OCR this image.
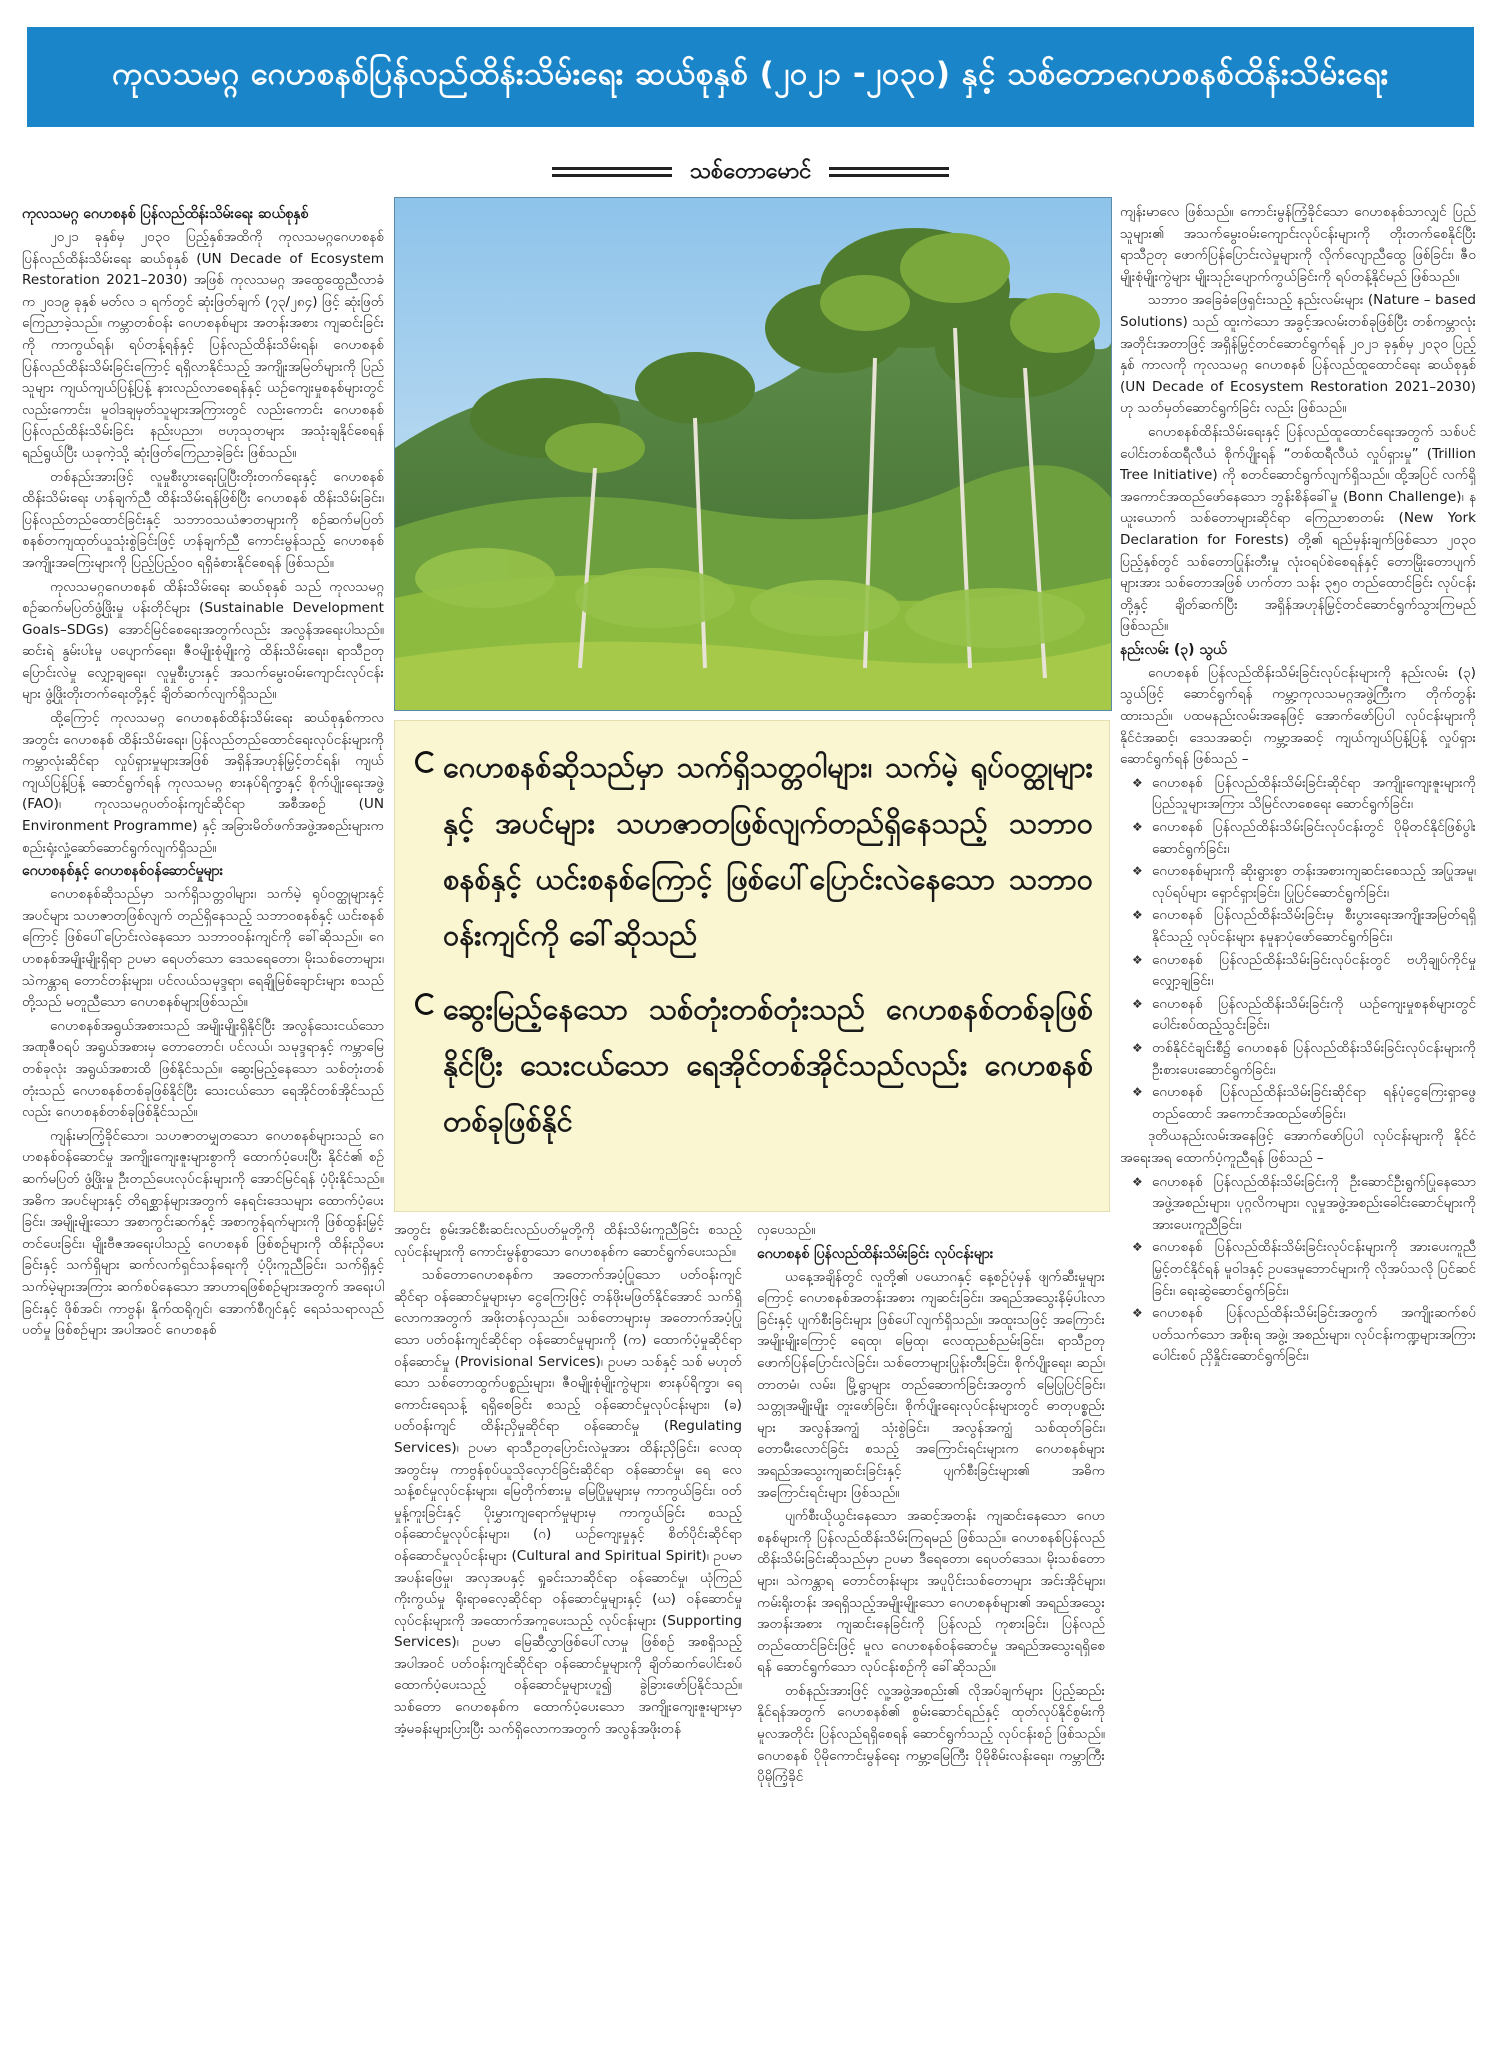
ကုလသမဂ္ဂ ဂေဟစနစ်ပြန်လည်ထိန်းသိမ်းရေး ဆယ်စုနှစ် (၂၀၂၁ -၂၀၃၀) နှင့် သစ်တောဂေဟစနစ်ထိန်းသိမ်းရေး
သစ်တောမောင်
ကုလသမဂ္ဂ ဂေဟစနစ် ပြန်လည်ထိန်းသိမ်းရေး ဆယ်စုနှစ်

၂၀၂၁ ခုနှစ်မှ ၂၀၃၀ ပြည့်နှစ်အထိကို ကုလသမဂ္ဂဂေဟစနစ် ပြန်လည်ထိန်းသိမ်းရေး ဆယ်စုနှစ် (UN Decade of Ecosystem Restoration 2021–2030) အဖြစ် ကုလသမဂ္ဂ အထွေထွေညီလာခံက ၂၀၁၉ ခုနှစ် မတ်လ ၁ ရက်တွင် ဆုံးဖြတ်ချက် (၇၃/၂၈၄) ဖြင့် ဆုံးဖြတ် ကြေညာခဲ့သည်။ ကမ္ဘာတစ်ဝန်း ဂေဟစနစ်များ အတန်းအစား ကျဆင်းခြင်းကို ကာကွယ်ရန်၊ ရပ်တန့်ရန်နှင့် ပြန်လည်ထိန်းသိမ်းရန်၊ ဂေဟစနစ် ပြန်လည်ထိန်းသိမ်းခြင်းကြောင့် ရရှိလာနိုင်သည့် အကျိုးအမြတ်များကို ပြည်သူများ ကျယ်ကျယ်ပြန့်ပြန့် နားလည်လာစေရန်နှင့် ယဉ်ကျေးမှုစနစ်များတွင် လည်းကောင်း၊ မူဝါဒချမှတ်သူများအကြားတွင် လည်းကောင်း ဂေဟစနစ် ပြန်လည်ထိန်းသိမ်းခြင်း နည်းပညာ၊ ဗဟုသုတများ အသုံးချနိုင်စေရန် ရည်ရွယ်ပြီး ယခုကဲ့သို့ ဆုံးဖြတ်ကြေညာခဲ့ခြင်း ဖြစ်သည်။

တစ်နည်းအားဖြင့် လူမှုစီးပွားရေးပြုပြီးတိုးတက်ရေးနှင့် ဂေဟစနစ် ထိန်းသိမ်းရေး ဟန်ချက်ညီ ထိန်းသိမ်းရန်ဖြစ်ပြီး ဂေဟစနစ် ထိန်းသိမ်းခြင်း၊ ပြန်လည်တည်ထောင်ခြင်းနှင့် သဘာဝသယံဇာတများကို စဉ်ဆက်မပြတ် စနစ်တကျထုတ်ယူသုံးစွဲခြင်းဖြင့် ဟန်ချက်ညီ ကောင်းမွန်သည့် ဂေဟစနစ် အကျိုးအကြေးများကို ပြည့်ပြည့်ဝဝ ရရှိခံစားနိုင်စေရန် ဖြစ်သည်။

ကုလသမဂ္ဂဂေဟစနစ် ထိန်းသိမ်းရေး ဆယ်စုနှစ် သည် ကုလသမဂ္ဂ စဉ်ဆက်မပြတ်ဖွံ့ဖြိုးမှု ပန်းတိုင်များ (Sustainable Development Goals–SDGs) အောင်မြင်စေရေးအတွက်လည်း အလွန်အရေးပါသည်။ ဆင်းရဲ နွမ်းပါးမှု ပပျောက်ရေး၊ ဇီဝမျိုးစုံမျိုးကွဲ ထိန်းသိမ်းရေး၊ ရာသီဥတုပြောင်းလဲမှု လျှော့ချရေး၊ လူမှုစီးပွားနှင့် အသက်မွေးဝမ်းကျောင်းလုပ်ငန်းများ ဖွံ့ဖြိုးတိုးတက်ရေးတို့နှင့် ချိတ်ဆက်လျက်ရှိသည်။

ထို့ကြောင့် ကုလသမဂ္ဂ ဂေဟစနစ်ထိန်းသိမ်းရေး ဆယ်စုနှစ်ကာလအတွင်း ဂေဟစနစ် ထိန်းသိမ်းရေး၊ ပြန်လည်တည်ထောင်ရေးလုပ်ငန်းများကို ကမ္ဘာလုံးဆိုင်ရာ လှုပ်ရှားမှုများအဖြစ် အရှိန်အဟုန်မြှင့်တင်ရန်၊ ကျယ်ကျယ်ပြန့်ပြန့် ဆောင်ရွက်ရန် ကုလသမဂ္ဂ စားနပ်ရိက္ခာနှင့် စိုက်ပျိုးရေးအဖွဲ့ (FAO)၊ ကုလသမဂ္ဂပတ်ဝန်းကျင်ဆိုင်ရာ အစီအစဉ် (UN Environment Programme) နှင့် အခြားမိတ်ဖက်အဖွဲ့အစည်းများက စည်းရုံးလှုံ့ဆော်ဆောင်ရွက်လျက်ရှိသည်။

ဂေဟစနစ်နှင့် ဂေဟစနစ်ဝန်ဆောင်မှုများ

ဂေဟစနစ်ဆိုသည်မှာ သက်ရှိသတ္တဝါများ၊ သက်မဲ့ ရုပ်ဝတ္ထုများနှင့် အပင်များ သဟဇာတဖြစ်လျက် တည်ရှိနေသည့် သဘာဝစနစ်နှင့် ယင်းစနစ်ကြောင့် ဖြစ်ပေါ်ပြောင်းလဲနေသော သဘာဝဝန်းကျင်ကို ခေါ်ဆိုသည်။ ဂေဟစနစ်အမျိုးမျိုးရှိရာ ဥပမာ ရေပတ်သော ဒေသရေတော၊ မိုးသစ်တောများ၊ သဲကန္တာရ တောင်တန်းများ၊ ပင်လယ်သမုဒ္ဒရာ၊ ရေချိုမြစ်ချောင်းများ စသည်တို့သည် မတူညီသော ဂေဟစနစ်များဖြစ်သည်။

ဂေဟစနစ်အရွယ်အစားသည် အမျိုးမျိုးရှိနိုင်ပြီး အလွန်သေးငယ်သော အဏုဇီဝရပ် အရွယ်အစားမှ တောတောင်၊ ပင်လယ်၊ သမုဒ္ဒရာနှင့် ကမ္ဘာမြေတစ်ခုလုံး အရွယ်အစားထိ ဖြစ်နိုင်သည်။ ဆွေးမြည့်နေသော သစ်တုံးတစ်တုံးသည် ဂေဟစနစ်တစ်ခုဖြစ်နိုင်ပြီး သေးငယ်သော ရေအိုင်တစ်အိုင်သည်လည်း ဂေဟစနစ်တစ်ခုဖြစ်နိုင်သည်။

ကျန်းမာကြံ့ခိုင်သော၊ သဟဇာတမျှတသော ဂေဟစနစ်များသည် ဂေဟစနစ်ဝန်ဆောင်မှု အကျိုးကျေးဇူးများစွာကို ထောက်ပံ့ပေးပြီး နိုင်ငံ၏ စဉ်ဆက်မပြတ် ဖွံ့ဖြိုးမှု ဦးတည်ပေးလုပ်ငန်းများကို အောင်မြင်ရန် ပံ့ပိုးနိုင်သည်။ အဓိက အပင်များနှင့် တိရစ္ဆာန်များအတွက် နေရင်းဒေသများ ထောက်ပံ့ပေးခြင်း၊ အမျိုးမျိုးသော အစာကွင်းဆက်နှင့် အစာကွန်ရက်များကို ဖြစ်ထွန်းမြှင့်တင်ပေးခြင်း၊ မျိုးဗီဇအရေးပါသည့် ဂေဟစနစ် ဖြစ်စဉ်များကို ထိန်းညှိပေးခြင်းနှင့် သက်ရှိများ ဆက်လက်ရှင်သန်ရေးကို ပံ့ပိုးကူညီခြင်း၊ သက်ရှိနှင့် သက်မဲ့များအကြား ဆက်စပ်နေသော အာဟာရဖြစ်စဉ်များအတွက် အရေးပါခြင်းနှင့် ဖိုစ်အင်၊ ကာဗွန်၊ နိုက်ထရိုဂျင်၊ အောက်စီဂျင်နှင့် ရေသံသရာလည်ပတ်မှု ဖြစ်စဉ်များ အပါအဝင် ဂေဟစနစ်

ဂေဟစနစ်ဆိုသည်မှာ သက်ရှိသတ္တဝါများ၊ သက်မဲ့ ရုပ်ဝတ္ထုများနှင့် အပင်များ သဟဇာတဖြစ်လျက်တည်ရှိနေသည့် သဘာဝစနစ်နှင့် ယင်းစနစ်ကြောင့် ဖြစ်ပေါ်ပြောင်းလဲနေသော သဘာဝဝန်းကျင်ကို ခေါ်ဆိုသည်
ဆွေးမြည့်နေသော သစ်တုံးတစ်တုံးသည် ဂေဟစနစ်တစ်ခုဖြစ်နိုင်ပြီး သေးငယ်သော ရေအိုင်တစ်အိုင်သည်လည်း ဂေဟစနစ်တစ်ခုဖြစ်နိုင်

အတွင်း စွမ်းအင်စီးဆင်းလည်ပတ်မှုတို့ကို ထိန်းသိမ်းကူညီခြင်း စသည့်လုပ်ငန်းများကို ကောင်းမွန်စွာသော ဂေဟစနစ်က ဆောင်ရွက်ပေးသည်။

သစ်တောဂေဟစနစ်က အတောက်အပံ့ပြုသော ပတ်ဝန်းကျင်ဆိုင်ရာ ဝန်ဆောင်မှုများမှာ ငွေကြေးဖြင့် တန်ဖိုးမဖြတ်နိုင်အောင် သက်ရှိလောကအတွက် အဖိုးတန်လှသည်။ သစ်တောများမှ အတောက်အပံ့ပြုသော ပတ်ဝန်းကျင်ဆိုင်ရာ ဝန်ဆောင်မှုများကို (က) ထောက်ပံ့မှုဆိုင်ရာ ဝန်ဆောင်မှု (Provisional Services)၊ ဥပမာ သစ်နှင့် သစ် မဟုတ်သော သစ်တောထွက်ပစ္စည်းများ၊ ဇီဝမျိုးစုံမျိုးကွဲများ၊ စားနပ်ရိက္ခာ၊ ရေကောင်းရေသန့် ရရှိစေခြင်း စသည့် ဝန်ဆောင်မှုလုပ်ငန်းများ၊ (ခ) ပတ်ဝန်းကျင် ထိန်းညှိမှုဆိုင်ရာ ဝန်ဆောင်မှု (Regulating Services)၊ ဥပမာ ရာသီဥတုပြောင်းလဲမှုအား ထိန်းညှိခြင်း၊ လေထုအတွင်းမှ ကာဗွန်စုပ်ယူသိုလှောင်ခြင်းဆိုင်ရာ ဝန်ဆောင်မှု၊ ရေ လေသန့်စင်မှုလုပ်ငန်းများ၊ မြေတိုက်စားမှု မြေပြိုမှုများမှ ကာကွယ်ခြင်း၊ ဝတ်မှုန့်ကူးခြင်းနှင့် ပိုးမွှားကျရောက်မှုများမှ ကာကွယ်ခြင်း စသည့် ဝန်ဆောင်မှုလုပ်ငန်းများ၊ (ဂ) ယဉ်ကျေးမှုနှင့် စိတ်ပိုင်းဆိုင်ရာ ဝန်ဆောင်မှုလုပ်ငန်းများ (Cultural and Spiritual Spirit)၊ ဥပမာ အပန်းဖြေမှု၊ အလှအပနှင့် ရှုခင်းသာဆိုင်ရာ ဝန်ဆောင်မှု၊ ယုံကြည်ကိုးကွယ်မှု ရိုးရာဓလေ့ဆိုင်ရာ ဝန်ဆောင်မှုများနှင့် (ဃ) ဝန်ဆောင်မှုလုပ်ငန်းများကို အထောက်အကူပေးသည့် လုပ်ငန်းများ (Supporting Services)၊ ဥပမာ မြေဆီလွှာဖြစ်ပေါ်လာမှု ဖြစ်စဉ် အစရှိသည့် အပါအဝင် ပတ်ဝန်းကျင်ဆိုင်ရာ ဝန်ဆောင်မှုများကို ချိတ်ဆက်ပေါင်းစပ်ထောက်ပံ့ပေးသည့် ဝန်ဆောင်မှုများဟူ၍ ခွဲခြားဖော်ပြနိုင်သည်။ သစ်တော ဂေဟစနစ်က ထောက်ပံ့ပေးသော အကျိုးကျေးဇူးများမှာ အံ့မခန်းများပြားပြီး သက်ရှိလောကအတွက် အလွန်အဖိုးတန်

လှပေသည်။

ဂေဟစနစ် ပြန်လည်ထိန်းသိမ်းခြင်း လုပ်ငန်းများ

ယနေ့အချိန်တွင် လူတို့၏ ပယောဂနှင့် နေ့စဉ်ပုံမှန် ဖျက်ဆီးမှုများကြောင့် ဂေဟစနစ်အတန်းအစား ကျဆင်းခြင်း၊ အရည်အသွေးနိမ့်ပါးလာခြင်းနှင့် ပျက်စီးခြင်းများ ဖြစ်ပေါ်လျက်ရှိသည်။ အထူးသဖြင့် အကြောင်းအမျိုးမျိုးကြောင့် ရေထု၊ မြေထု၊ လေထုညစ်ညမ်းခြင်း၊ ရာသီဥတုဖောက်ပြန်ပြောင်းလဲခြင်း၊ သစ်တောများပြုန်းတီးခြင်း၊ စိုက်ပျိုးရေး၊ ဆည်၊ တာတမံ၊ လမ်း၊ မြို့ရွာများ တည်ဆောက်ခြင်းအတွက် မြေပြုပြင်ခြင်း၊ သတ္တုအမျိုးမျိုး တူးဖော်ခြင်း၊ စိုက်ပျိုးရေးလုပ်ငန်းများတွင် ဓာတုပစ္စည်းများ အလွန်အကျွံ သုံးစွဲခြင်း၊ အလွန်အကျွံ သစ်ထုတ်ခြင်း၊ တောမီးလောင်ခြင်း စသည့် အကြောင်းရင်းများက ဂေဟစနစ်များ အရည်အသွေးကျဆင်းခြင်းနှင့် ပျက်စီးခြင်းများ၏ အဓိက အကြောင်းရင်းများ ဖြစ်သည်။

ပျက်စီးယိုယွင်းနေသော အဆင့်အတန်း ကျဆင်းနေသော ဂေဟစနစ်များကို ပြန်လည်ထိန်းသိမ်းကြရမည် ဖြစ်သည်။ ဂေဟစနစ်ပြန်လည်ထိန်းသိမ်းခြင်းဆိုသည်မှာ ဥပမာ ဒီရေတော၊ ရေပတ်ဒေသ၊ မိုးသစ်တောများ၊ သဲကန္တာရ တောင်တန်းများ အပူပိုင်းသစ်တောများ အင်းအိုင်များ၊ ကမ်းရိုးတန်း အရရှိသည့်အမျိုးမျိုးသော ဂေဟစနစ်များ၏ အရည်အသွေး အတန်းအစား ကျဆင်းနေခြင်းကို ပြန်လည် ကုစားခြင်း၊ ပြန်လည်တည်ထောင်ခြင်းဖြင့် မူလ ဂေဟစနစ်ဝန်ဆောင်မှု အရည်အသွေးရရှိစေရန် ဆောင်ရွက်သော လုပ်ငန်းစဉ်ကို ခေါ်ဆိုသည်။

တစ်နည်းအားဖြင့် လူ့အဖွဲ့အစည်း၏ လိုအပ်ချက်များ ပြည့်ဆည်းနိုင်ရန်အတွက် ဂေဟစနစ်၏ စွမ်းဆောင်ရည်နှင့် ထုတ်လုပ်နိုင်စွမ်းကို မူလအတိုင်း ပြန်လည်ရရှိစေရန် ဆောင်ရွက်သည့် လုပ်ငန်းစဉ် ဖြစ်သည်။ ဂေဟစနစ် ပိုမိုကောင်းမွန်ရေး ကမ္ဘာ့မြေကြီး ပိုမိုစိမ်းလန်းရေး၊ ကမ္ဘာကြီး ပိုမိုကြံ့ခိုင်

ကျန်းမာလေ ဖြစ်သည်။ ကောင်းမွန်ကြံ့ခိုင်သော ဂေဟစနစ်သာလျှင် ပြည်သူများ၏ အသက်မွေးဝမ်းကျောင်းလုပ်ငန်းများကို တိုးတက်စေနိုင်ပြီး ရာသီဥတု ဖောက်ပြန်ပြောင်းလဲမှုများကို လိုက်လျောညီထွေ ဖြစ်ခြင်း၊ ဇီဝမျိုးစုံမျိုးကွဲများ မျိုးသုဉ်းပျောက်ကွယ်ခြင်းကို ရပ်တန့်နိုင်မည် ဖြစ်သည်။

သဘာဝ အခြေခံဖြေရှင်းသည့် နည်းလမ်းများ (Nature – based Solutions) သည် ထူးကဲသော အခွင့်အလမ်းတစ်ခုဖြစ်ပြီး တစ်ကမ္ဘာလုံး အတိုင်းအတာဖြင့် အရှိန်မြှင့်တင်ဆောင်ရွက်ရန် ၂၀၂၁ ခုနှစ်မှ ၂၀၃၀ ပြည့်နှစ် ကာလကို ကုလသမဂ္ဂ ဂေဟစနစ် ပြန်လည်ထူထောင်ရေး ဆယ်စုနှစ် (UN Decade of Ecosystem Restoration 2021–2030) ဟု သတ်မှတ်ဆောင်ရွက်ခြင်း လည်း ဖြစ်သည်။

ဂေဟစနစ်ထိန်းသိမ်းရေးနှင့် ပြန်လည်ထူထောင်ရေးအတွက် သစ်ပင်ပေါင်းတစ်ထရီလီယံ စိုက်ပျိုးရန် “တစ်ထရီလီယံ လှုပ်ရှားမှု” (Trillion Tree Initiative) ကို စတင်ဆောင်ရွက်လျက်ရှိသည်။ ထို့အပြင် လက်ရှိ အကောင်အထည်ဖော်နေသော ဘွန်းစိန်ခေါ်မှု (Bonn Challenge)၊ နယူးယောက် သစ်တောများဆိုင်ရာ ကြေညာစာတမ်း (New York Declaration for Forests) တို့၏ ရည်မှန်းချက်ဖြစ်သော ၂၀၃၀ ပြည့်နှစ်တွင် သစ်တောပြုန်းတီးမှု လုံးဝရပ်စဲစေရန်နှင့် တောမြိုးတောပျက်များအား သစ်တောအဖြစ် ဟက်တာ သန်း ၃၅၀ တည်ထောင်ခြင်း လုပ်ငန်းတို့နှင့် ချိတ်ဆက်ပြီး အရှိန်အဟုန်မြှင့်တင်ဆောင်ရွက်သွားကြမည်ဖြစ်သည်။

နည်းလမ်း (၃) သွယ်

ဂေဟစနစ် ပြန်လည်ထိန်းသိမ်းခြင်းလုပ်ငန်းများကို နည်းလမ်း (၃) သွယ်ဖြင့် ဆောင်ရွက်ရန် ကမ္ဘာ့ကုလသမဂ္ဂအဖွဲ့ကြီးက တိုက်တွန်းထားသည်။ ပထမနည်းလမ်းအနေဖြင့် အောက်ဖော်ပြပါ လုပ်ငန်းများကို နိုင်ငံအဆင့်၊ ဒေသအဆင့်၊ ကမ္ဘာ့အဆင့် ကျယ်ကျယ်ပြန့်ပြန့် လှုပ်ရှားဆောင်ရွက်ရန် ဖြစ်သည် –

❖ ဂေဟစနစ် ပြန်လည်ထိန်းသိမ်းခြင်းဆိုင်ရာ အကျိုးကျေးဇူးများကို ပြည်သူများအကြား သိမြင်လာစေရေး ဆောင်ရွက်ခြင်း၊
❖ ဂေဟစနစ် ပြန်လည်ထိန်းသိမ်းခြင်းလုပ်ငန်းတွင် ပိုမိုတင်နိုင်ဖြစ်ပွါးဆောင်ရွက်ခြင်း၊
❖ ဂေဟစနစ်များကို ဆိုးရွားစွာ တန်းအစားကျဆင်းစေသည့် အပြုအမူ၊ လုပ်ရပ်များ ရှောင်ရှားခြင်း၊ ပြုပြင်ဆောင်ရွက်ခြင်း၊
❖ ဂေဟစနစ် ပြန်လည်ထိန်းသိမ်းခြင်းမှ စီးပွားရေးအကျိုးအမြတ်ရရှိနိုင်သည့် လုပ်ငန်းများ နမူနာပုံဖော်ဆောင်ရွက်ခြင်း၊
❖ ဂေဟစနစ် ပြန်လည်ထိန်းသိမ်းခြင်းလုပ်ငန်းတွင် ဗဟိုချုပ်ကိုင်မှု လျှော့ချခြင်း၊
❖ ဂေဟစနစ် ပြန်လည်ထိန်းသိမ်းခြင်းကို ယဉ်ကျေးမှုစနစ်များတွင် ပေါင်းစပ်ထည့်သွင်းခြင်း၊
❖ တစ်နိုင်ငံချင်းစီ၌ ဂေဟစနစ် ပြန်လည်ထိန်းသိမ်းခြင်းလုပ်ငန်းများကို ဦးစားပေးဆောင်ရွက်ခြင်း၊
❖ ဂေဟစနစ် ပြန်လည်ထိန်းသိမ်းခြင်းဆိုင်ရာ ရန်ပုံငွေကြေးရှာဖွေတည်ထောင် အကောင်အထည်ဖော်ခြင်း၊

ဒုတိယနည်းလမ်းအနေဖြင့် အောက်ဖော်ပြပါ လုပ်ငန်းများကို နိုင်ငံအရေးအရ ထောက်ပံ့ကူညီရန် ဖြစ်သည် –

❖ ဂေဟစနစ် ပြန်လည်ထိန်းသိမ်းခြင်းကို ဦးဆောင်ဦးရွက်ပြုနေသော အဖွဲ့အစည်းများ၊ ပုဂ္ဂလိကများ၊ လူမှုအဖွဲ့အစည်းခေါင်းဆောင်များကို အားပေးကူညီခြင်း၊
❖ ဂေဟစနစ် ပြန်လည်ထိန်းသိမ်းခြင်းလုပ်ငန်းများကို အားပေးကူညီမြှင့်တင်နိုင်ရန် မူဝါဒနှင့် ဥပဒေမူဘောင်များကို လိုအပ်သလို ပြင်ဆင်ခြင်း၊ ရေးဆွဲဆောင်ရွက်ခြင်း၊
❖ ဂေဟစနစ် ပြန်လည်ထိန်းသိမ်းခြင်းအတွက် အကျိုးဆက်စပ်ပတ်သက်သော အစိုးရ အဖွဲ့၊ အစည်းများ၊ လုပ်ငန်းကဏ္ဍများအကြား ပေါင်းစပ် ညှိနှိုင်းဆောင်ရွက်ခြင်း၊
